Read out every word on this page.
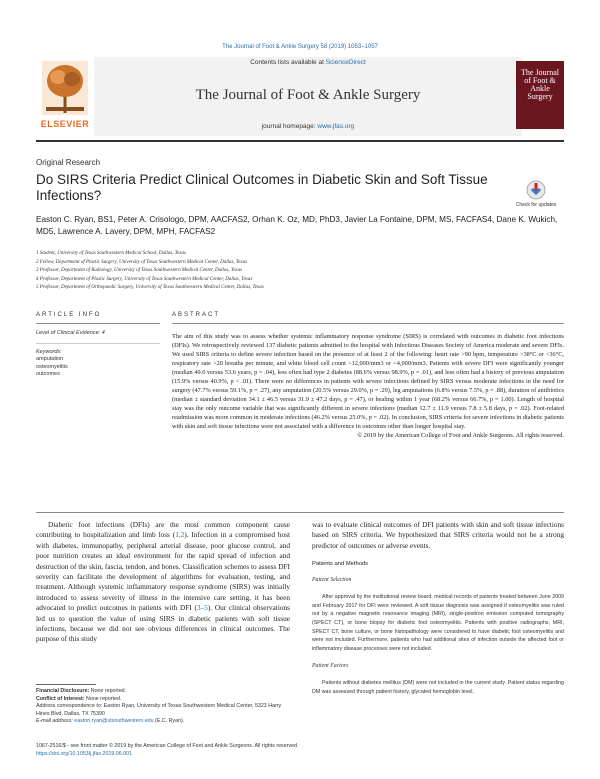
The Journal of Foot & Ankle Surgery 58 (2019) 1053–1057
ELSEVIER
Contents lists available at ScienceDirect
The Journal of Foot & Ankle Surgery
journal homepage: www.jfas.org
The Journal of Foot & Ankle Surgery
Original Research
Do SIRS Criteria Predict Clinical Outcomes in Diabetic Skin and Soft Tissue Infections?
Check for updates
Easton C. Ryan, BS1, Peter A. Crisologo, DPM, AACFAS2, Orhan K. Oz, MD, PhD3, Javier La Fontaine, DPM, MS, FACFAS4, Dane K. Wukich, MD5, Lawrence A. Lavery, DPM, MPH, FACFAS2
1 Student, University of Texas Southwestern Medical School, Dallas, Texas
2 Fellow, Department of Plastic Surgery, University of Texas Southwestern Medical Center, Dallas, Texas
3 Professor, Department of Radiology, University of Texas Southwestern Medical Center, Dallas, Texas
4 Professor, Department of Plastic Surgery, University of Texas Southwestern Medical Center, Dallas, Texas
5 Professor, Department of Orthopaedic Surgery, University of Texas Southwestern Medical Center, Dallas, Texas
ARTICLE INFO
Level of Clinical Evidence: 4
Keywords:
amputation
osteomyelitis
outcomes
ABSTRACT
The aim of this study was to assess whether systemic inflammatory response syndrome (SIRS) is correlated with outcomes in diabetic foot infections (DFIs). We retrospectively reviewed 137 diabetic patients admitted to the hospital with Infectious Diseases Society of America moderate and severe DFIs. We used SIRS criteria to define severe infection based on the presence of at least 2 of the following: heart rate >90 bpm, temperature >38°C or <36°C, respiratory rate >20 breaths per minute, and white blood cell count >12,000/mm3 or <4,000/mm3. Patients with severe DFI were significantly younger (median 49.6 versus 53.6 years, p = .04), less often had type 2 diabetes (88.6% versus 98.9%, p = .01), and less often had a history of previous amputation (15.9% versus 40.9%, p < .01). There were no differences in patients with severe infections defined by SIRS versus moderate infections in the need for surgery (47.7% versus 59.1%, p = .27), any amputation (20.5% versus 29.0%, p = .29), leg amputations (6.8% versus 7.5%, p = .88), duration of antibiotics (median ± standard deviation 34.1 ± 46.5 versus 31.9 ± 47.2 days, p = .47), or healing within 1 year (68.2% versus 66.7%, p = 1.00). Length of hospital stay was the only outcome variable that was significantly different in severe infections (median 12.7 ± 11.9 versus 7.8 ± 5.8 days, p = .02). Foot-related readmission was more common in moderate infections (46.2% versus 25.0%, p = .02). In conclusion, SIRS criteria for severe infections in diabetic patients with skin and soft tissue infections were not associated with a difference in outcomes other than longer hospital stay.
© 2019 by the American College of Foot and Ankle Surgeons. All rights reserved.
Diabetic foot infections (DFIs) are the most common component cause contributing to hospitalization and limb loss (1,2). Infection in a compromised host with diabetes, immunopathy, peripheral arterial disease, poor glucose control, and poor nutrition creates an ideal environment for the rapid spread of infection and destruction of the skin, fascia, tendon, and bones. Classification schemes to assess DFI severity can facilitate the development of algorithms for evaluation, testing, and treatment. Although systemic inflammatory response syndrome (SIRS) was initially introduced to assess severity of illness in the intensive care setting, it has been advocated to predict outcomes in patients with DFI (3–5). Our clinical observations led us to question the value of using SIRS in diabetic patients with soft tissue infections, because we did not see obvious differences in clinical outcomes. The purpose of this study
was to evaluate clinical outcomes of DFI patients with skin and soft tissue infections based on SIRS criteria. We hypothesized that SIRS criteria would not be a strong predictor of outcomes or adverse events.
Patients and Methods
Patient Selection
After approval by the institutional review board, medical records of patients treated between June 2009 and February 2017 for DFI were reviewed. A soft tissue diagnosis was assigned if osteomyelitis was ruled out by a negative magnetic resonance imaging (MRI), single-positron emission computed tomography (SPECT CT), or bone biopsy for diabetic foot osteomyelitis. Patients with positive radiographs, MRI, SPECT CT, bone culture, or bone histopathology were considered to have diabetic foot osteomyelitis and were not included. Furthermore, patients who had additional sites of infection outside the affected foot or inflammatory disease processes were not included.
Patient Factors
Patients without diabetes mellitus (DM) were not included in the current study. Patient status regarding DM was assessed through patient history, glycated hemoglobin level,
Financial Disclosure: None reported.
Conflict of Interest: None reported.
Address correspondence to: Easton Ryan, University of Texas Southwestern Medical Center, 5323 Harry Hines Blvd, Dallas, TX 75390
E-mail address: easton.ryan@utsouthwestern.edu (E.C. Ryan).
1067-2516/$ - see front matter © 2019 by the American College of Foot and Ankle Surgeons. All rights reserved.
https://doi.org/10.1053/j.jfas.2019.06.001
